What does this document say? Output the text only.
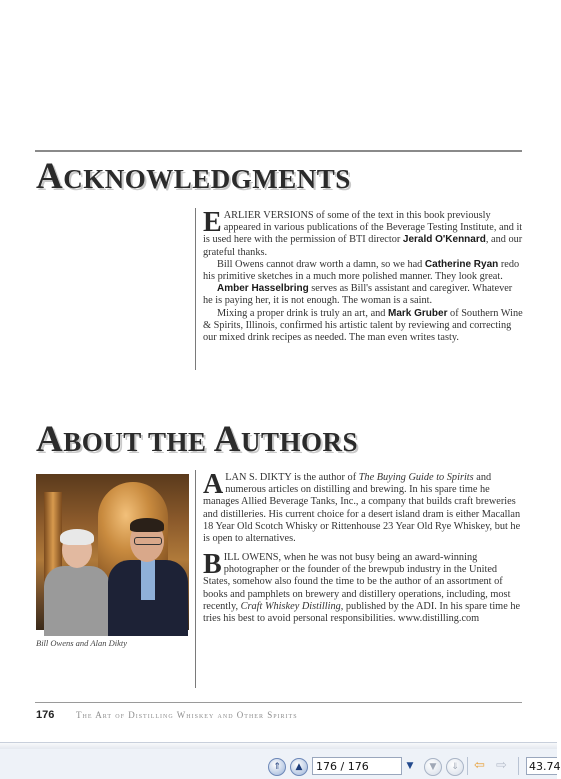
ACKNOWLEDGMENTS

EARLIER VERSIONS of some of the text in this book previously appeared in various publications of the Beverage Testing Institute, and it is used here with the permission of BTI director Jerald O'Kennard, and our grateful thanks.

Bill Owens cannot draw worth a damn, so we had Catherine Ryan redo his primitive sketches in a much more polished manner. They look great.

Amber Hasselbring serves as Bill's assistant and caregiver. Whatever he is paying her, it is not enough. The woman is a saint.

Mixing a proper drink is truly an art, and Mark Gruber of Southern Wine & Spirits, Illinois, confirmed his artistic talent by reviewing and correcting our mixed drink recipes as needed. The man even writes tasty.

ABOUT THE AUTHORS
Bill Owens and Alan Dikty

ALAN S. DIKTY is the author of The Buying Guide to Spirits and numerous articles on distilling and brewing. In his spare time he manages Allied Beverage Tanks, Inc., a company that builds craft breweries and distilleries. His current choice for a desert island dram is either Macallan 18 Year Old Scotch Whisky or Rittenhouse 23 Year Old Rye Whiskey, but he is open to alternatives.

BILL OWENS, when he was not busy being an award-winning photographer or the founder of the brewpub industry in the United States, somehow also found the time to be the author of an assortment of books and pamphlets on brewery and distillery operations, including, most recently, Craft Whiskey Distilling, published by the ADI. In his spare time he tries his best to avoid personal responsibilities. www.distilling.com

176 The Art of Distilling Whiskey and Other Spirits
⇑	▲	176 / 176	▼	▼	⇓	⇦ ⇨ 43.74
